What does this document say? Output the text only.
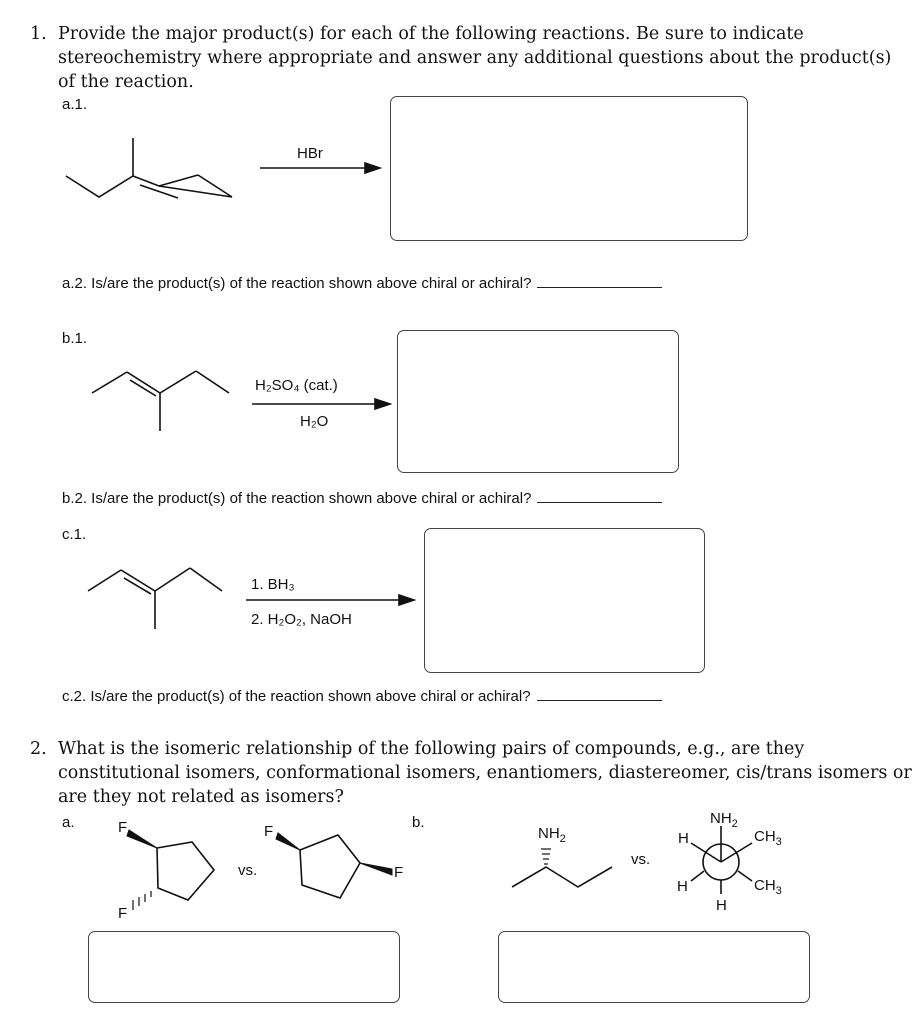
1. Provide the major product(s) for each of the following reactions. Be sure to indicate stereochemistry where appropriate and answer any additional questions about the product(s) of the reaction.
a.1.
HBr
a.2. Is/are the product(s) of the reaction shown above chiral or achiral?
b.1.
H₂SO₄ (cat.)
H₂O
b.2. Is/are the product(s) of the reaction shown above chiral or achiral?
c.1.
1. BH₃
2. H₂O₂, NaOH
c.2. Is/are the product(s) of the reaction shown above chiral or achiral?
2. What is the isomeric relationship of the following pairs of compounds, e.g., are they constitutional isomers, conformational isomers, enantiomers, diastereomer, cis/trans isomers or are they not related as isomers?
a.	b.
F
F
vs.
F
F
$NH_2$
vs.
$NH_2$
H	$CH_3$
H	$CH_3$
H
